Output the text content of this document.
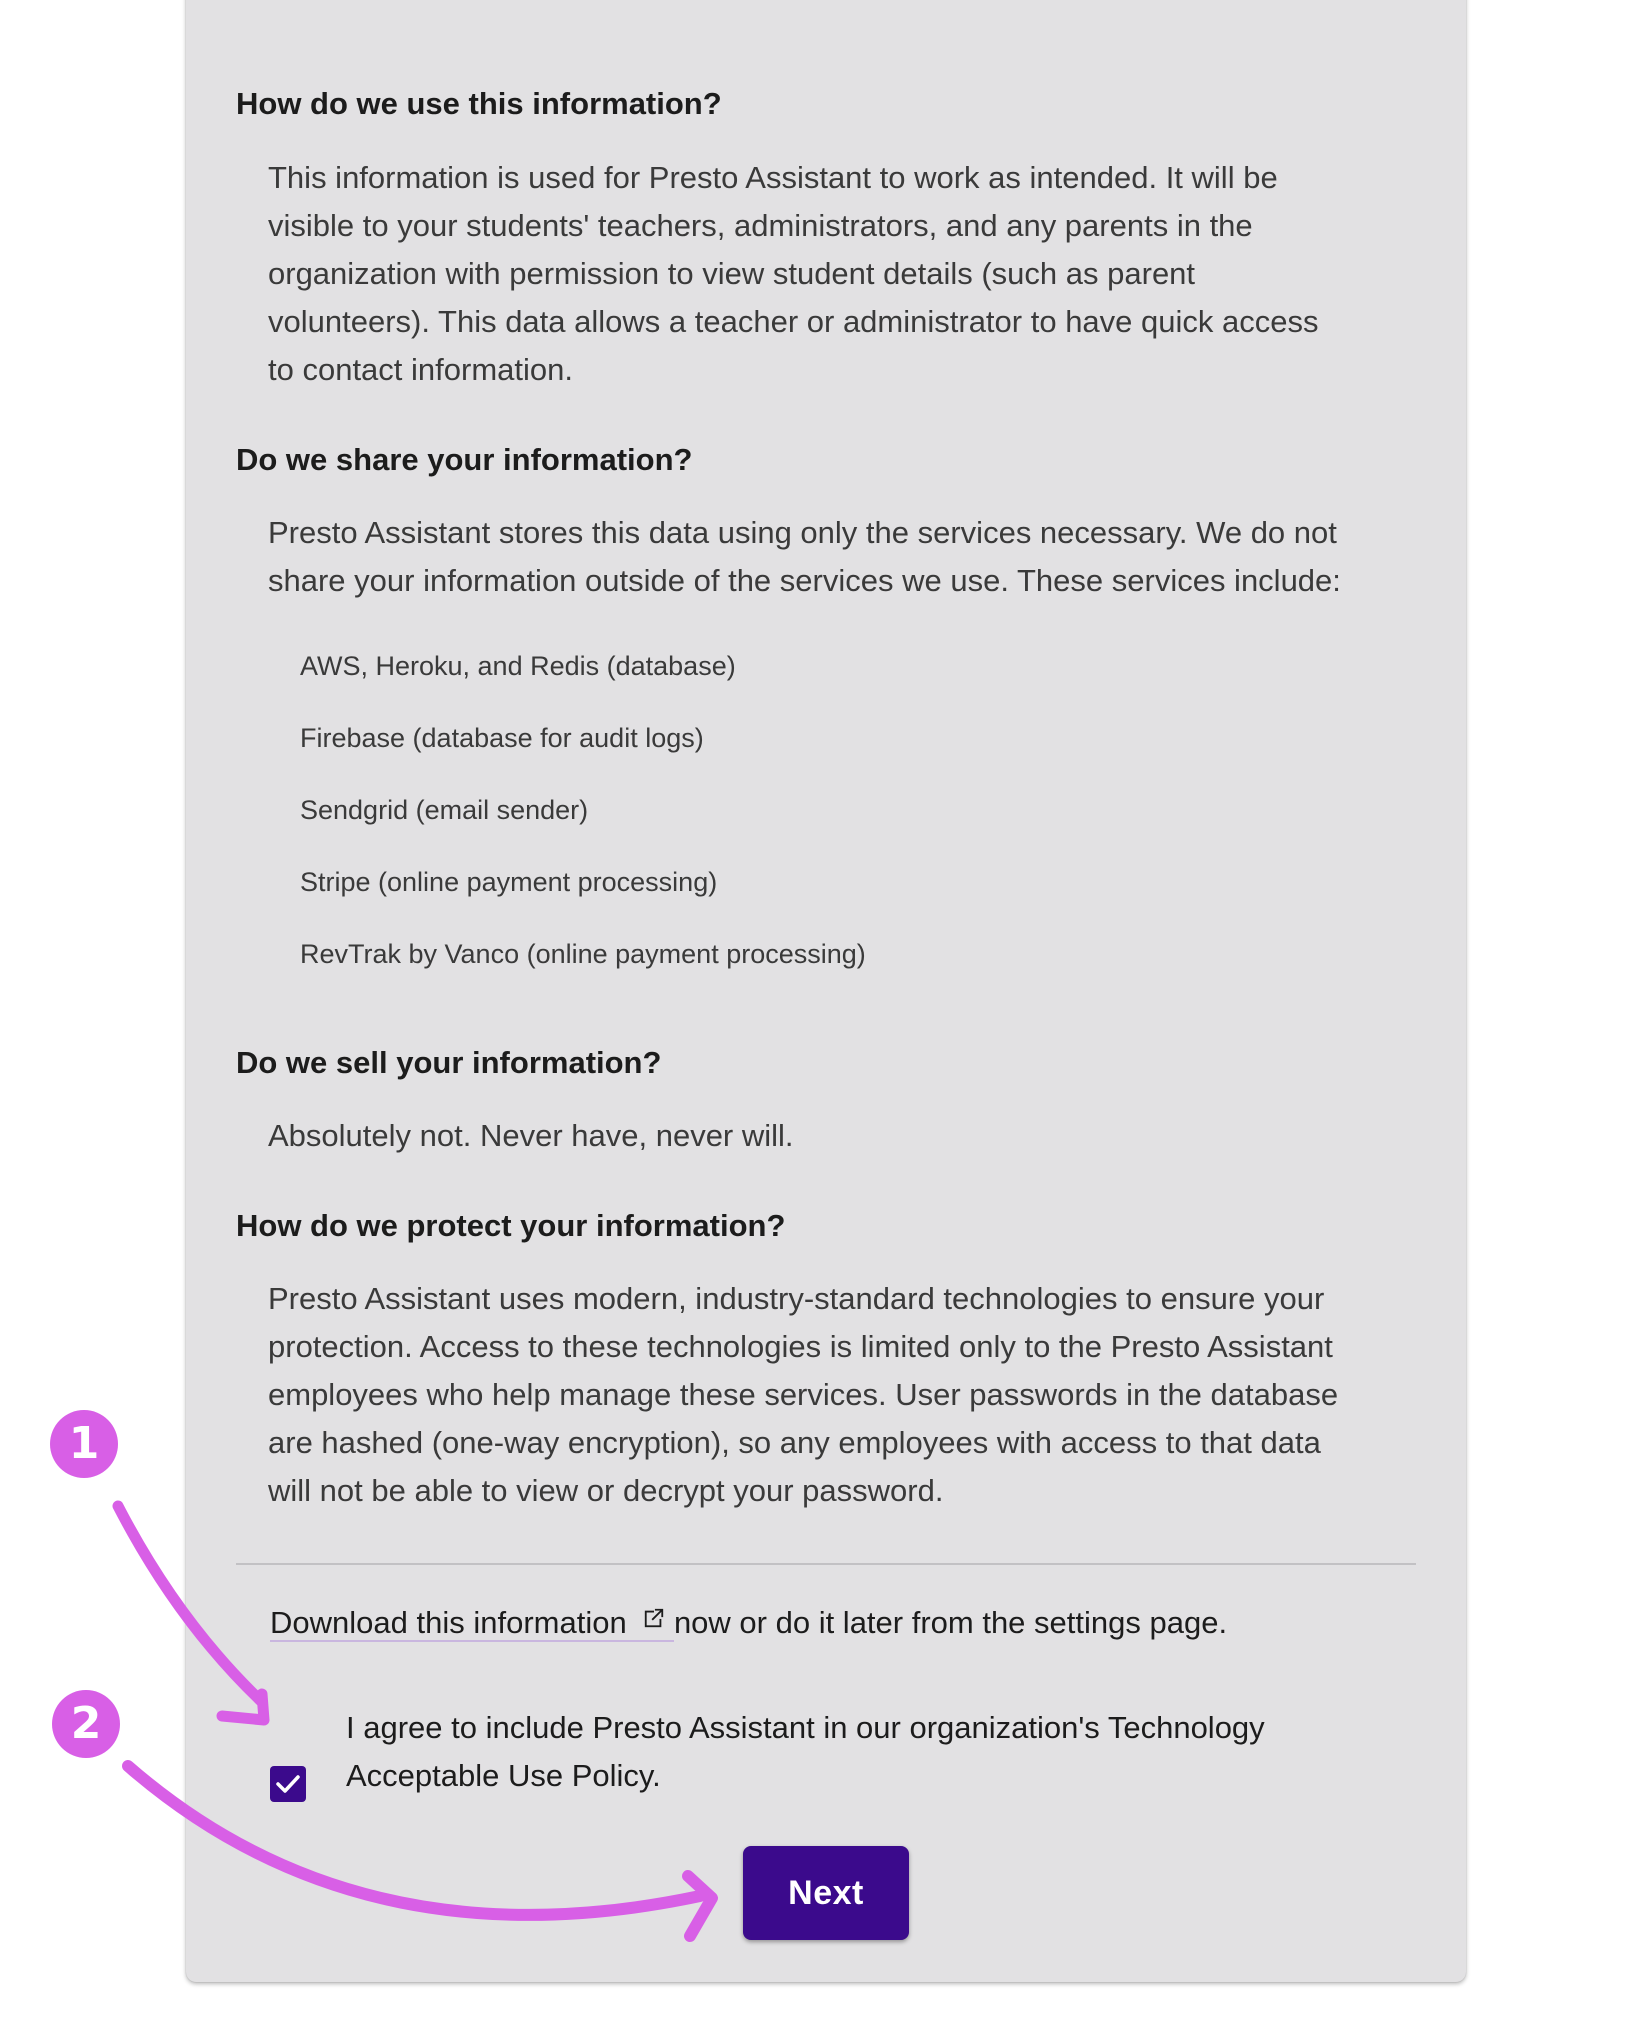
How do we use this information?
This information is used for Presto Assistant to work as intended. It will be
visible to your students' teachers, administrators, and any parents in the
organization with permission to view student details (such as parent
volunteers). This data allows a teacher or administrator to have quick access
to contact information.
Do we share your information?
Presto Assistant stores this data using only the services necessary. We do not
share your information outside of the services we use. These services include:
AWS, Heroku, and Redis (database)
Firebase (database for audit logs)
Sendgrid (email sender)
Stripe (online payment processing)
RevTrak by Vanco (online payment processing)
Do we sell your information?
Absolutely not. Never have, never will.
How do we protect your information?
Presto Assistant uses modern, industry-standard technologies to ensure your
protection. Access to these technologies is limited only to the Presto Assistant
employees who help manage these services. User passwords in the database
are hashed (one-way encryption), so any employees with access to that data
will not be able to view or decrypt your password.
Download this information  now or do it later from the settings page.
I agree to include Presto Assistant in our organization's Technology
Acceptable Use Policy.
Next
1
2
